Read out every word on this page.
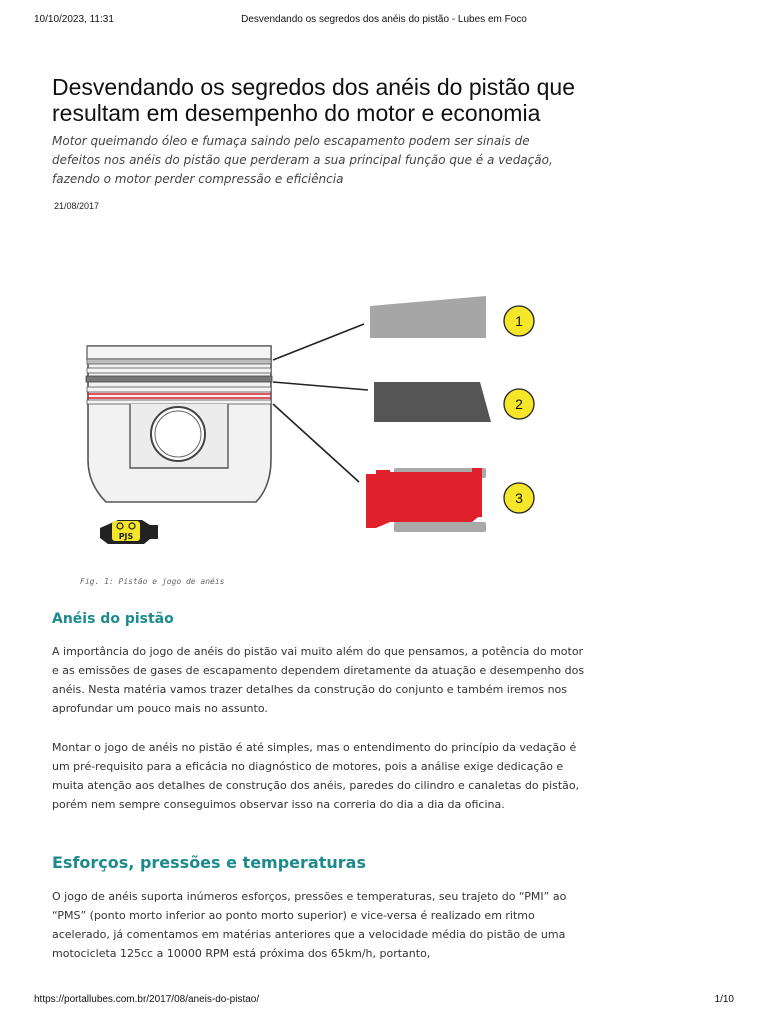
10/10/2023, 11:31	Desvendando os segredos dos anéis do pistão - Lubes em Foco
Desvendando os segredos dos anéis do pistão que resultam em desempenho do motor e economia

Motor queimando óleo e fumaça saindo pelo escapamento podem ser sinais de defeitos nos anéis do pistão que perderam a sua principal função que é a vedação, fazendo o motor perder compressão e eficiência

21/08/2017
1
2
3
PJS
Fig. 1: Pistão e jogo de anéis
Anéis do pistão

A importância do jogo de anéis do pistão vai muito além do que pensamos, a potência do motor e as emissões de gases de escapamento dependem diretamente da atuação e desempenho dos anéis. Nesta matéria vamos trazer detalhes da construção do conjunto e também iremos nos aprofundar um pouco mais no assunto.

Montar o jogo de anéis no pistão é até simples, mas o entendimento do princípio da vedação é um pré-requisito para a eficácia no diagnóstico de motores, pois a análise exige dedicação e muita atenção aos detalhes de construção dos anéis, paredes do cilindro e canaletas do pistão, porém nem sempre conseguimos observar isso na correria do dia a dia da oficina.

Esforços, pressões e temperaturas

O jogo de anéis suporta inúmeros esforços, pressões e temperaturas, seu trajeto do “PMI” ao “PMS” (ponto morto inferior ao ponto morto superior) e vice-versa é realizado em ritmo acelerado, já comentamos em matérias anteriores que a velocidade média do pistão de uma motocicleta 125cc a 10000 RPM está próxima dos 65km/h, portanto,

https://portallubes.com.br/2017/08/aneis-do-pistao/	1/10
